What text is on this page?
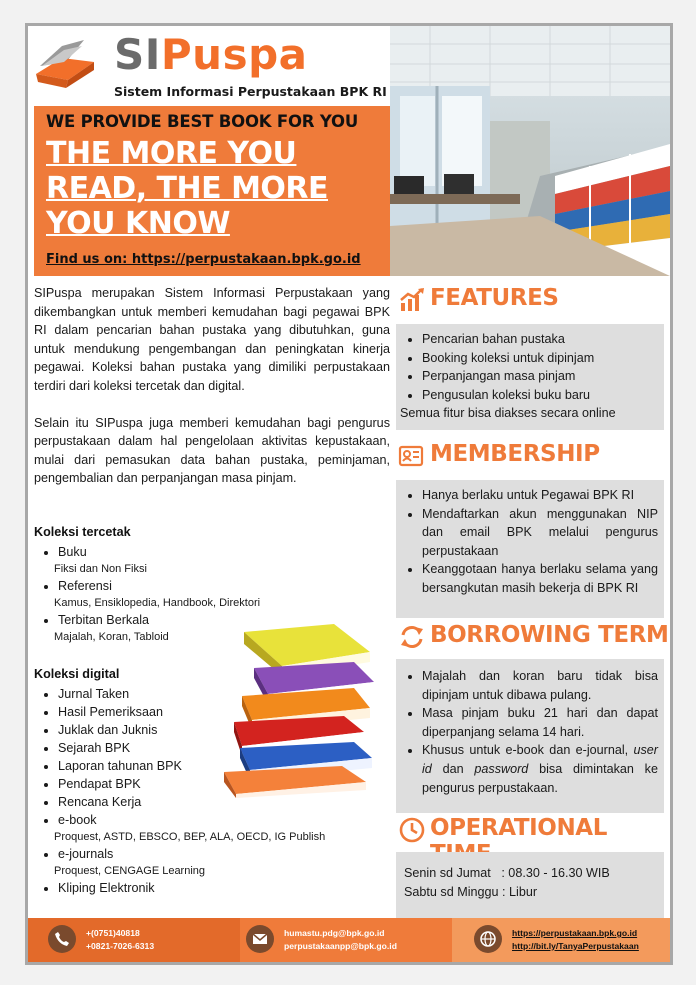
SIPuspa
Sistem Informasi Perpustakaan BPK RI
WE PROVIDE BEST BOOK FOR YOU
THE MORE YOU
READ, THE MORE
YOU KNOW
Find us on: https://perpustakaan.bpk.go.id

SIPuspa merupakan Sistem Informasi Perpustakaan yang dikembangkan untuk memberi kemudahan bagi pegawai BPK RI dalam pencarian bahan pustaka yang dibutuhkan, guna untuk mendukung pengembangan dan peningkatan kinerja pegawai. Koleksi bahan pustaka yang dimiliki perpustakaan terdiri dari koleksi tercetak dan digital.

Selain itu SIPuspa juga memberi kemudahan bagi pengurus perpustakaan dalam hal pengelolaan aktivitas kepustakaan, mulai dari pemasukan data bahan pustaka, peminjaman, pengembalian dan perpanjangan masa pinjam.

Koleksi tercetak
• Buku
Fiksi dan Non Fiksi
• Referensi
Kamus, Ensiklopedia, Handbook, Direktori
• Terbitan Berkala
Majalah, Koran, Tabloid
Koleksi digital
• Jurnal Taken
• Hasil Pemeriksaan
• Juklak dan Juknis
• Sejarah BPK
• Laporan tahunan BPK
• Pendapat BPK
• Rencana Kerja
• e-book
Proquest, ASTD, EBSCO, BEP, ALA, OECD, IG Publish
• e-journals
Proquest, CENGAGE Learning
• Kliping Elektronik
FEATURES
• Pencarian bahan pustaka
• Booking koleksi untuk dipinjam
• Perpanjangan masa pinjam
• Pengusulan koleksi buku baru
Semua fitur bisa diakses secara online
MEMBERSHIP
• Hanya berlaku untuk Pegawai BPK RI
• Mendaftarkan akun menggunakan NIP dan email BPK melalui pengurus perpustakaan
• Keanggotaan hanya berlaku selama yang bersangkutan masih bekerja di BPK RI
BORROWING TERM
• Majalah dan koran baru tidak bisa dipinjam untuk dibawa pulang.
• Masa pinjam buku 21 hari dan dapat diperpanjang selama 14 hari.
• Khusus untuk e-book dan e-journal, user id dan password bisa dimintakan ke pengurus perpustakaan.
OPERATIONAL
Senin sd Jumat : 08.30 - 16.30 WIB
Sabtu sd Minggu : Libur
+(0751)40818
+0821-7026-6313
humastu.pdg@bpk.go.id
perpustakaanpp@bpk.go.id
https://perpustakaan.bpk.go.id
http://bit.ly/TanyaPerpustakaan
